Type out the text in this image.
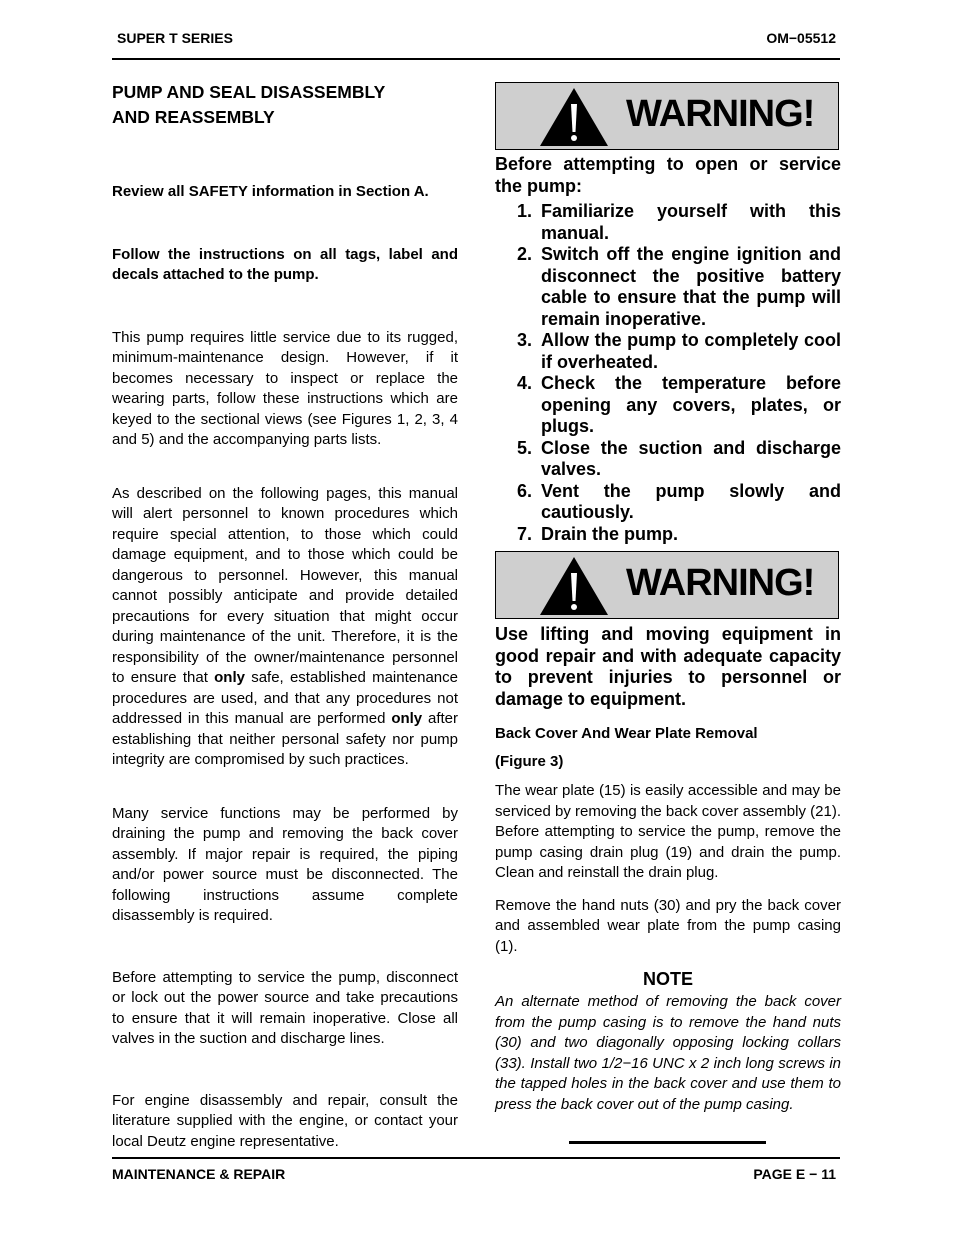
SUPER T SERIES	OM−05512

PUMP AND SEAL DISASSEMBLY

AND REASSEMBLY

Review all SAFETY information in Section A.

Follow the instructions on all tags, label and decals attached to the pump.

This pump requires little service due to its rugged, minimum-maintenance design. However, if it becomes necessary to inspect or replace the wearing parts, follow these instructions which are keyed to the sectional views (see Figures 1, 2, 3, 4 and 5) and the accompanying parts lists.

As described on the following pages, this manual will alert personnel to known procedures which require special attention, to those which could damage equipment, and to those which could be dangerous to personnel. However, this manual cannot possibly anticipate and provide detailed precautions for every situation that might occur during maintenance of the unit. Therefore, it is the responsibility of the owner/maintenance personnel to ensure that only safe, established maintenance procedures are used, and that any procedures not addressed in this manual are performed only after establishing that neither personal safety nor pump integrity are compromised by such practices.

Many service functions may be performed by draining the pump and removing the back cover assembly. If major repair is required, the piping and/or power source must be disconnected. The following instructions assume complete disassembly is required.

Before attempting to service the pump, disconnect or lock out the power source and take precautions to ensure that it will remain inoperative. Close all valves in the suction and discharge lines.

For engine disassembly and repair, consult the literature supplied with the engine, or contact your local Deutz engine representative.

WARNING!

Before attempting to open or service the pump:

1. Familiarize yourself with this manual.
2. Switch off the engine ignition and disconnect the positive battery cable to ensure that the pump will remain inoperative.
3. Allow the pump to completely cool if overheated.
4. Check the temperature before opening any covers, plates, or plugs.
5. Close the suction and discharge valves.
6. Vent the pump slowly and cautiously.
7. Drain the pump.
WARNING!

Use lifting and moving equipment in good repair and with adequate capacity to prevent injuries to personnel or damage to equipment.

Back Cover And Wear Plate Removal

(Figure 3)

The wear plate (15) is easily accessible and may be serviced by removing the back cover assembly (21). Before attempting to service the pump, remove the pump casing drain plug (19) and drain the pump. Clean and reinstall the drain plug.

Remove the hand nuts (30) and pry the back cover and assembled wear plate from the pump casing (1).

NOTE

An alternate method of removing the back cover from the pump casing is to remove the hand nuts (30) and two diagonally opposing locking collars (33). Install two 1/2−16 UNC x 2 inch long screws in the tapped holes in the back cover and use them to press the back cover out of the pump casing.

MAINTENANCE & REPAIR	PAGE E − 11
